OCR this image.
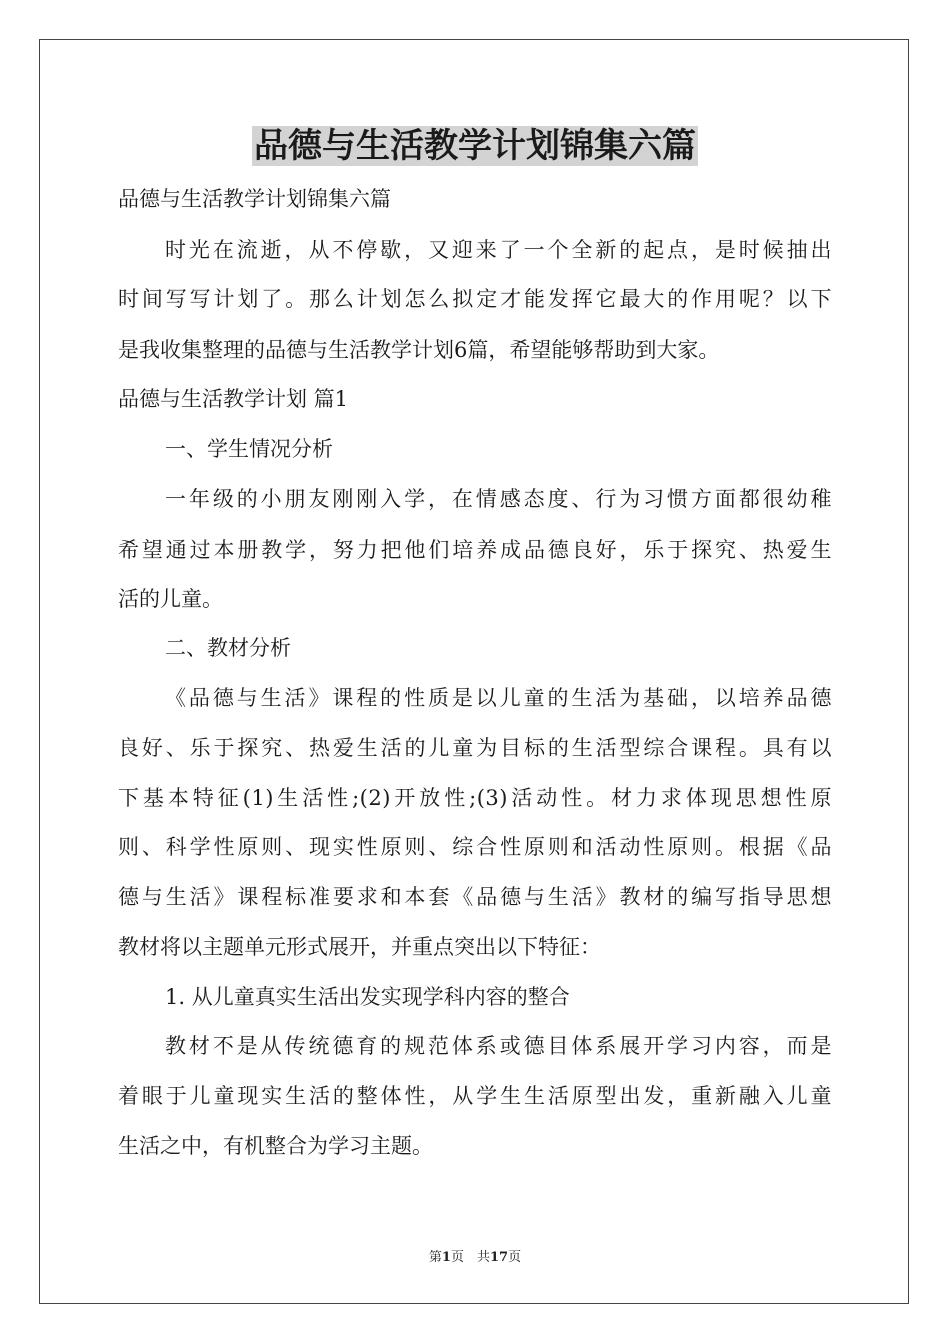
品德与生活教学计划锦集六篇

品德与生活教学计划锦集六篇

时光在流逝，从不停歇，又迎来了一个全新的起点，是时候抽出

时间写写计划了。那么计划怎么拟定才能发挥它最大的作用呢？以下

是我收集整理的品德与生活教学计划6篇，希望能够帮助到大家。

品德与生活教学计划 篇1

一、学生情况分析

一年级的小朋友刚刚入学，在情感态度、行为习惯方面都很幼稚

希望通过本册教学，努力把他们培养成品德良好，乐于探究、热爱生

活的儿童。

二、教材分析

《品德与生活》课程的性质是以儿童的生活为基础，以培养品德

良好、乐于探究、热爱生活的儿童为目标的生活型综合课程。具有以

下基本特征(1)生活性;(2)开放性;(3)活动性。材力求体现思想性原

则、科学性原则、现实性原则、综合性原则和活动性原则。根据《品

德与生活》课程标准要求和本套《品德与生活》教材的编写指导思想

教材将以主题单元形式展开，并重点突出以下特征：

1. 从儿童真实生活出发实现学科内容的整合

教材不是从传统德育的规范体系或德目体系展开学习内容，而是

着眼于儿童现实生活的整体性，从学生生活原型出发，重新融入儿童

生活之中，有机整合为学习主题。

第1页　共17页
